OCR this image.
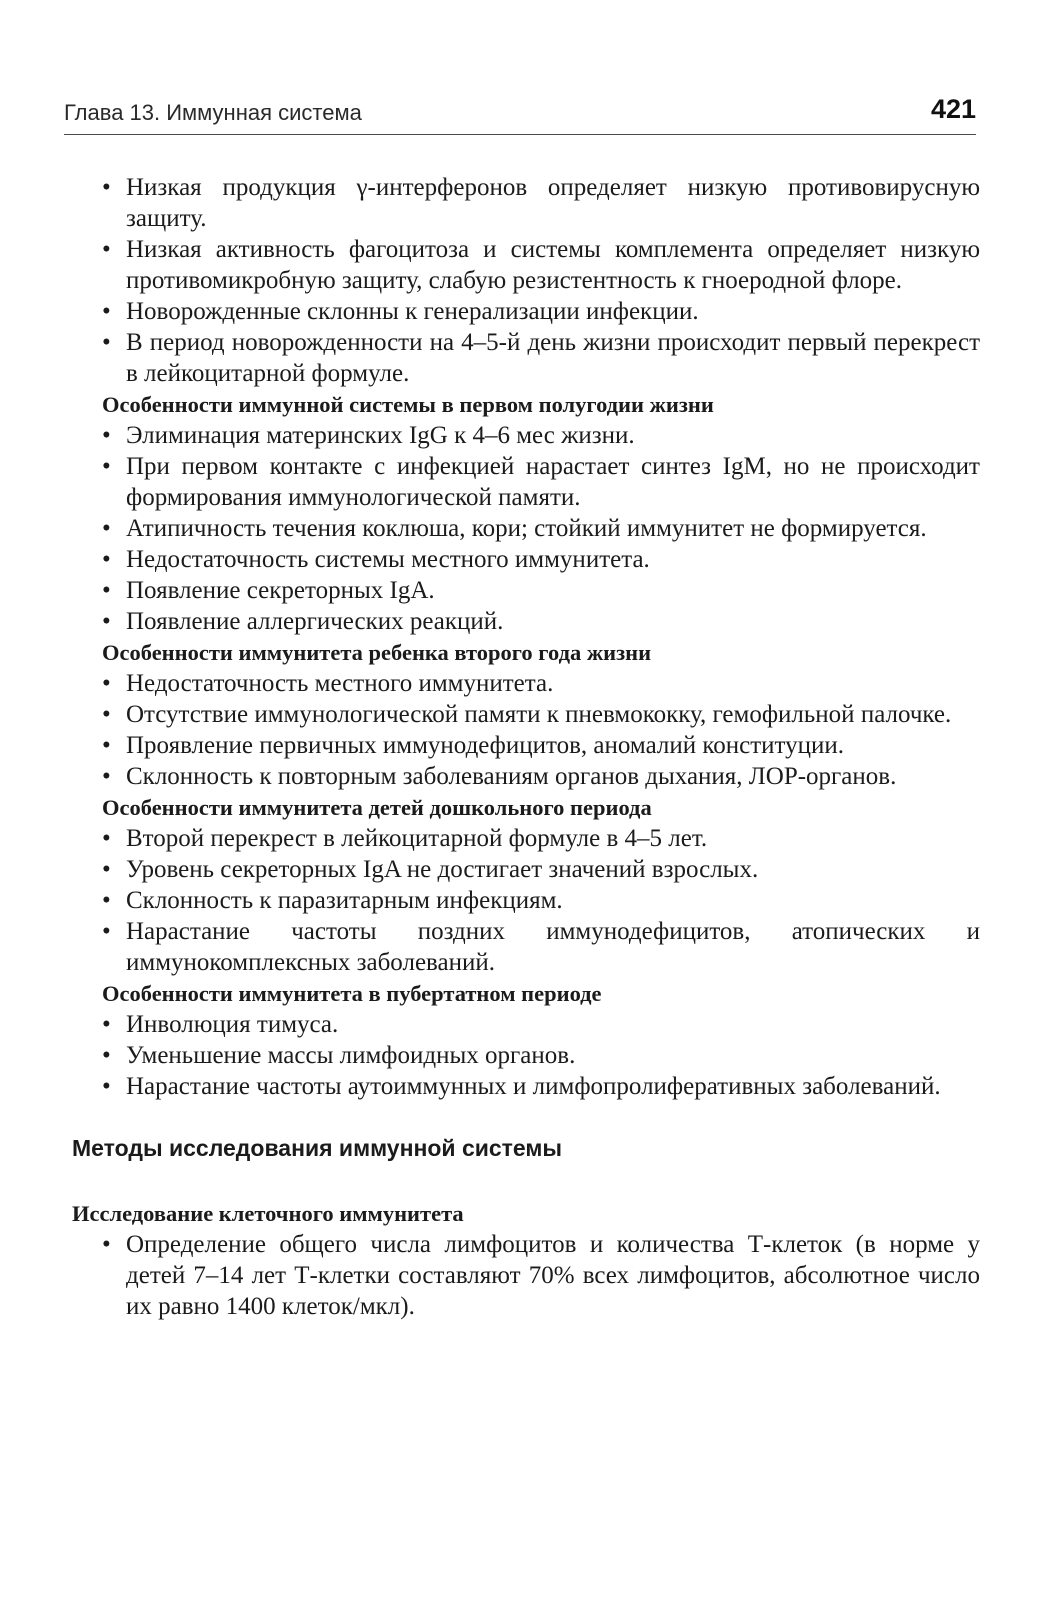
Глава 13. Иммунная система	421
• Низкая продукция γ-интерферонов определяет низкую противовирусную защиту.
• Низкая активность фагоцитоза и системы комплемента определяет низкую противомикробную защиту, слабую резистентность к гноеродной флоре.
• Новорожденные склонны к генерализации инфекции.
• В период новорожденности на 4–5-й день жизни происходит первый перекрест в лейкоцитарной формуле.
Особенности иммунной системы в первом полугодии жизни
• Элиминация материнских IgG к 4–6 мес жизни.
• При первом контакте с инфекцией нарастает синтез IgM, но не происходит формирования иммунологической памяти.
• Атипичность течения коклюша, кори; стойкий иммунитет не формируется.
• Недостаточность системы местного иммунитета.
• Появление секреторных IgA.
• Появление аллергических реакций.
Особенности иммунитета ребенка второго года жизни
• Недостаточность местного иммунитета.
• Отсутствие иммунологической памяти к пневмококку, гемофильной палочке.
• Проявление первичных иммунодефицитов, аномалий конституции.
• Склонность к повторным заболеваниям органов дыхания, ЛОР-органов.
Особенности иммунитета детей дошкольного периода
• Второй перекрест в лейкоцитарной формуле в 4–5 лет.
• Уровень секреторных IgA не достигает значений взрослых.
• Склонность к паразитарным инфекциям.
• Нарастание частоты поздних иммунодефицитов, атопических и иммунокомплексных заболеваний.
Особенности иммунитета в пубертатном периоде
• Инволюция тимуса.
• Уменьшение массы лимфоидных органов.
• Нарастание частоты аутоиммунных и лимфопролиферативных заболеваний.
Методы исследования иммунной системы
Исследование клеточного иммунитета
• Определение общего числа лимфоцитов и количества Т-клеток (в норме у детей 7–14 лет Т-клетки составляют 70% всех лимфоцитов, абсолютное число их равно 1400 клеток/мкл).
